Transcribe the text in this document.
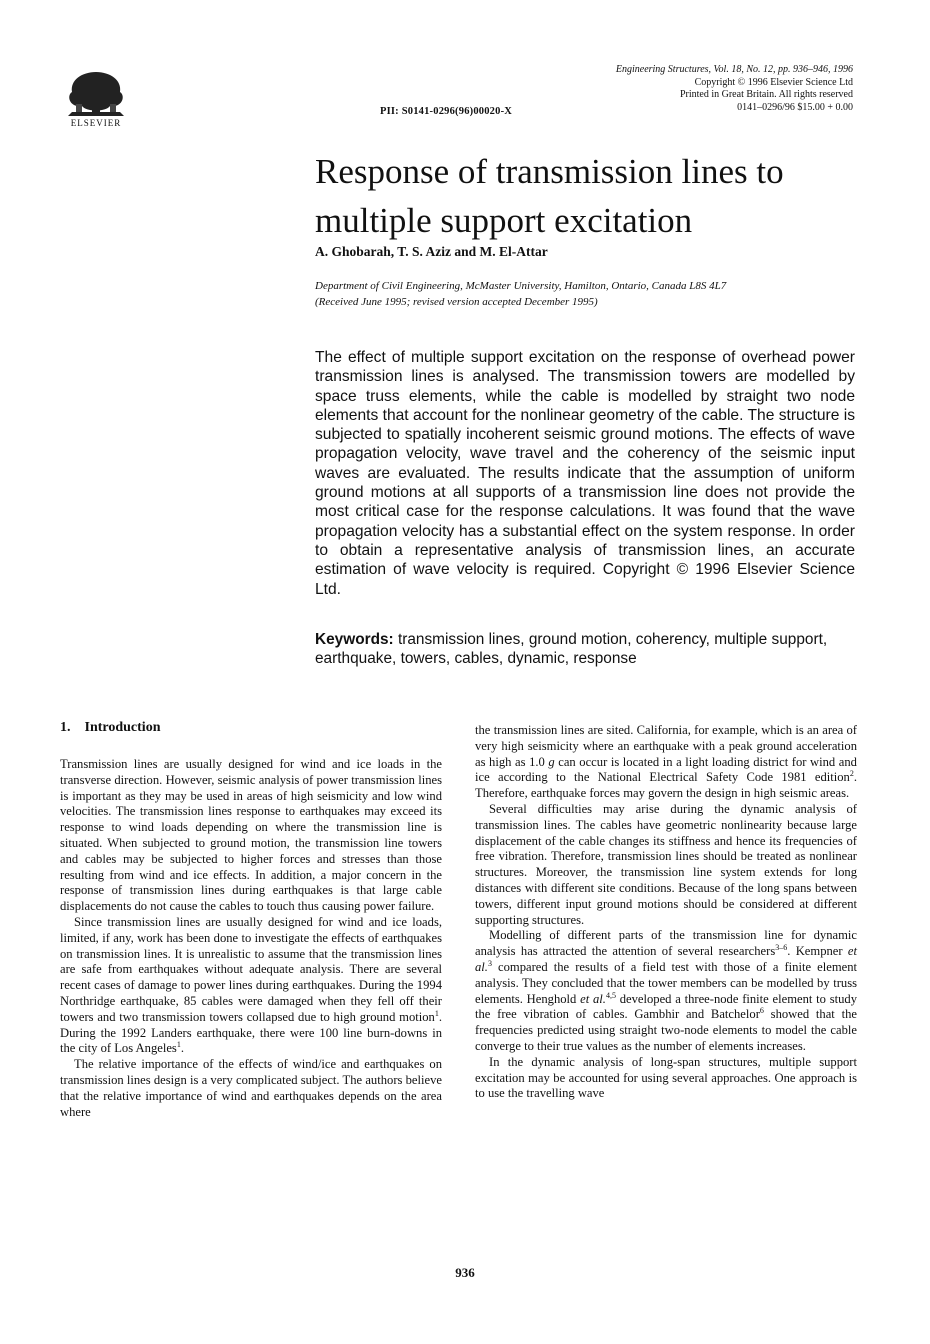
ELSEVIER
PII: S0141-0296(96)00020-X
Engineering Structures, Vol. 18, No. 12, pp. 936–946, 1996
Copyright © 1996 Elsevier Science Ltd
Printed in Great Britain. All rights reserved
0141–0296/96 $15.00 + 0.00
Response of transmission lines to multiple support excitation
A. Ghobarah, T. S. Aziz and M. El-Attar
Department of Civil Engineering, McMaster University, Hamilton, Ontario, Canada L8S 4L7
(Received June 1995; revised version accepted December 1995)

The effect of multiple support excitation on the response of overhead power transmission lines is analysed. The transmission towers are modelled by space truss elements, while the cable is modelled by straight two node elements that account for the nonlinear geometry of the cable. The structure is subjected to spatially incoherent seismic ground motions. The effects of wave propagation velocity, wave travel and the coherency of the seismic input waves are evaluated. The results indicate that the assumption of uniform ground motions at all supports of a transmission line does not provide the most critical case for the response calculations. It was found that the wave propagation velocity has a substantial effect on the system response. In order to obtain a representative analysis of transmission lines, an accurate estimation of wave velocity is required. Copyright © 1996 Elsevier Science Ltd.

Keywords: transmission lines, ground motion, coherency, multiple support, earthquake, towers, cables, dynamic, response
1. Introduction

Transmission lines are usually designed for wind and ice loads in the transverse direction. However, seismic analysis of power transmission lines is important as they may be used in areas of high seismicity and low wind velocities. The transmission lines response to earthquakes may exceed its response to wind loads depending on where the transmission line is situated. When subjected to ground motion, the transmission line towers and cables may be subjected to higher forces and stresses than those resulting from wind and ice effects. In addition, a major concern in the response of transmission lines during earthquakes is that large cable displacements do not cause the cables to touch thus causing power failure.

Since transmission lines are usually designed for wind and ice loads, limited, if any, work has been done to investigate the effects of earthquakes on transmission lines. It is unrealistic to assume that the transmission lines are safe from earthquakes without adequate analysis. There are several recent cases of damage to power lines during earthquakes. During the 1994 Northridge earthquake, 85 cables were damaged when they fell off their towers and two transmission towers collapsed due to high ground motion$^1$. During the 1992 Landers earthquake, there were 100 line burn-downs in the city of Los Angeles$^1$.

The relative importance of the effects of wind/ice and earthquakes on transmission lines design is a very complicated subject. The authors believe that the relative importance of wind and earthquakes depends on the area where

the transmission lines are sited. California, for example, which is an area of very high seismicity where an earthquake with a peak ground acceleration as high as 1.0 g can occur is located in a light loading district for wind and ice according to the National Electrical Safety Code 1981 edition$^2$. Therefore, earthquake forces may govern the design in high seismic areas.

Several difficulties may arise during the dynamic analysis of transmission lines. The cables have geometric nonlinearity because large displacement of the cable changes its stiffness and hence its frequencies of free vibration. Therefore, transmission lines should be treated as nonlinear structures. Moreover, the transmission line system extends for long distances with different site conditions. Because of the long spans between towers, different input ground motions should be considered at different supporting structures.

Modelling of different parts of the transmission line for dynamic analysis has attracted the attention of several researchers$^{3-6}$. Kempner et al.$^3$ compared the results of a field test with those of a finite element analysis. They concluded that the tower members can be modelled by truss elements. Henghold et al.$^{4,5}$ developed a three-node finite element to study the free vibration of cables. Gambhir and Batchelor$^6$ showed that the frequencies predicted using straight two-node elements to model the cable converge to their true values as the number of elements increases.

In the dynamic analysis of long-span structures, multiple support excitation may be accounted for using several approaches. One approach is to use the travelling wave

936
